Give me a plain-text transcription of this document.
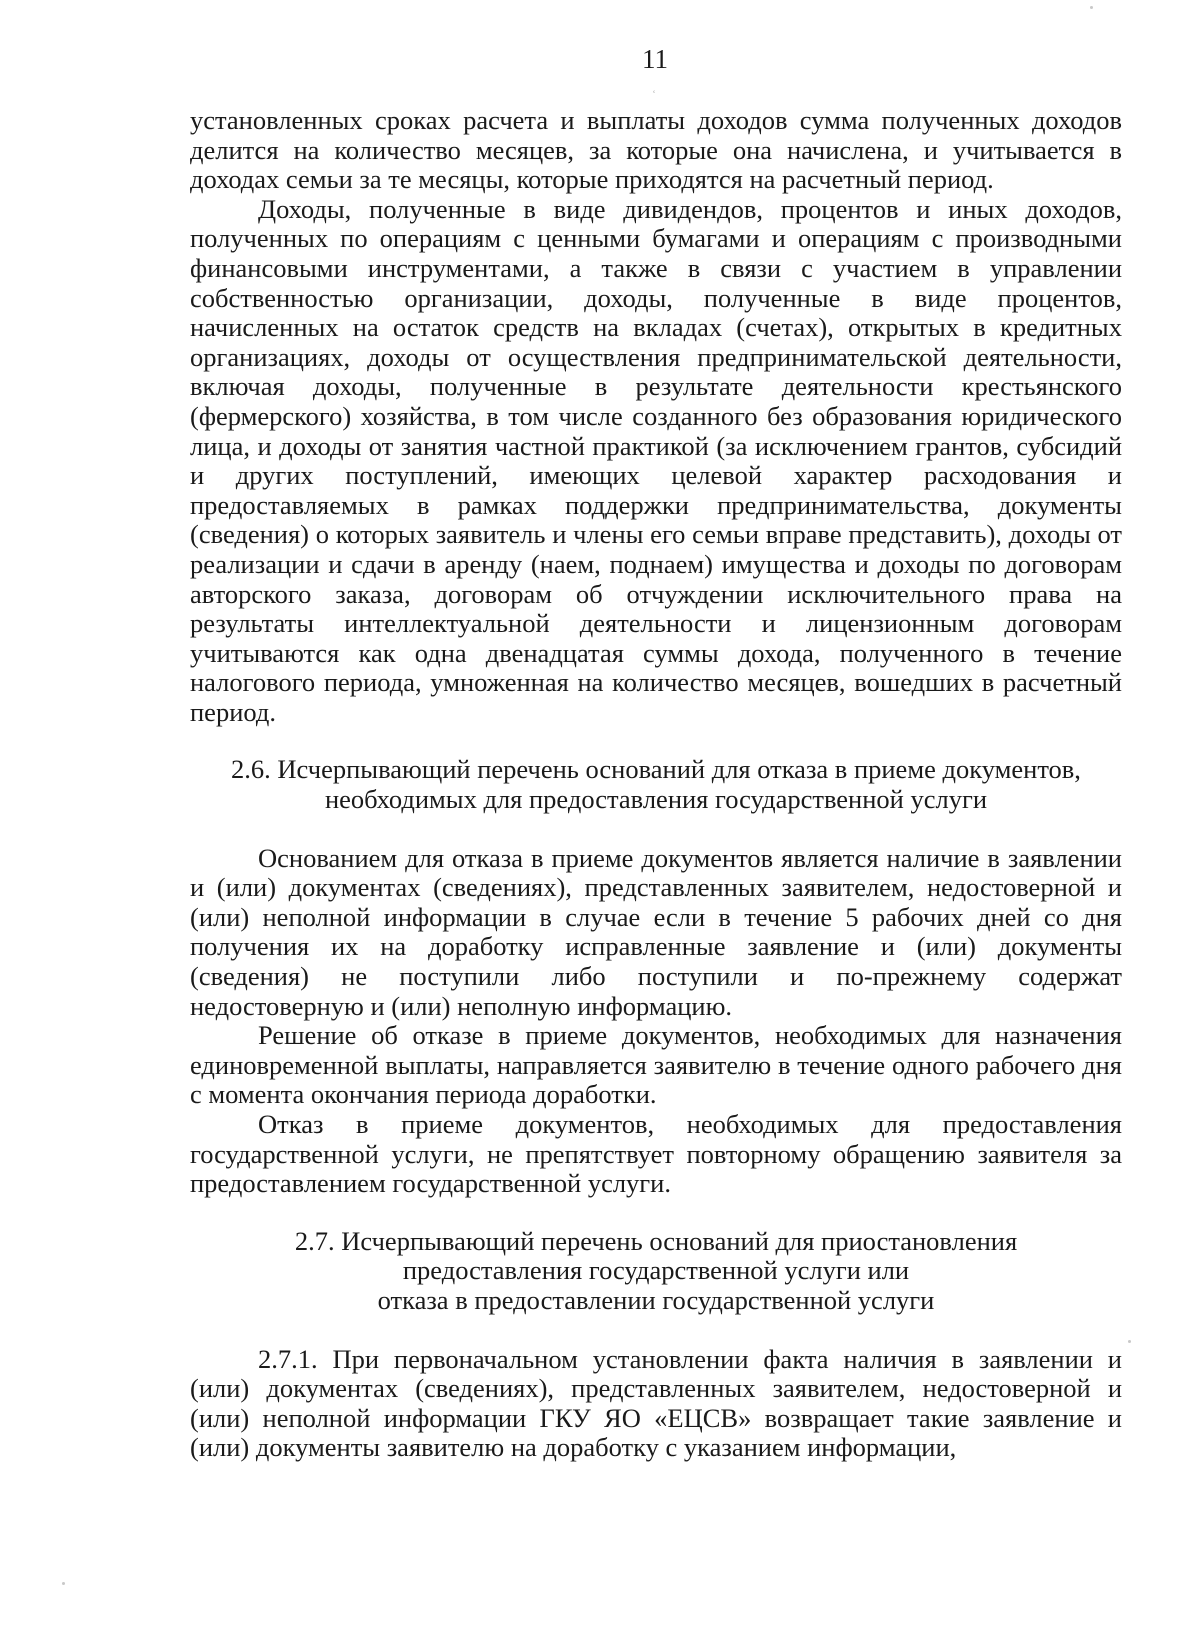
11
ʿ

установленных сроках расчета и выплаты доходов сумма полученных доходов делится на количество месяцев, за которые она начислена, и учитывается в доходах семьи за те месяцы, которые приходятся на расчетный период.

Доходы, полученные в виде дивидендов, процентов и иных доходов, полученных по операциям с ценными бумагами и операциям с производными финансовыми инструментами, а также в связи с участием в управлении собственностью организации, доходы, полученные в виде процентов, начисленных на остаток средств на вкладах (счетах), открытых в кредитных организациях, доходы от осуществления предпринимательской деятельности, включая доходы, полученные в результате деятельности крестьянского (фермерского) хозяйства, в том числе созданного без образования юридического лица, и доходы от занятия частной практикой (за исключением грантов, субсидий и других поступлений, имеющих целевой характер расходования и предоставляемых в рамках поддержки предпринимательства, документы (сведения) о которых заявитель и члены его семьи вправе представить), доходы от реализации и сдачи в аренду (наем, поднаем) имущества и доходы по договорам авторского заказа, договорам об отчуждении исключительного права на результаты интеллектуальной деятельности и лицензионным договорам учитываются как одна двенадцатая суммы дохода, полученного в течение налогового периода, умноженная на количество месяцев, вошедших в расчетный период.

2.6. Исчерпывающий перечень оснований для отказа в приеме документов,

необходимых для предоставления государственной услуги

Основанием для отказа в приеме документов является наличие в заявлении и (или) документах (сведениях), представленных заявителем, недостоверной и (или) неполной информации в случае если в течение 5 рабочих дней со дня получения их на доработку исправленные заявление и (или) документы (сведения) не поступили либо поступили и по-прежнему содержат недостоверную и (или) неполную информацию.

Решение об отказе в приеме документов, необходимых для назначения единовременной выплаты, направляется заявителю в течение одного рабочего дня с момента окончания периода доработки.

Отказ в приеме документов, необходимых для предоставления государственной услуги, не препятствует повторному обращению заявителя за предоставлением государственной услуги.

2.7. Исчерпывающий перечень оснований для приостановления

предоставления государственной услуги или

отказа в предоставлении государственной услуги

2.7.1. При первоначальном установлении факта наличия в заявлении и (или) документах (сведениях), представленных заявителем, недостоверной и (или) неполной информации ГКУ ЯО «ЕЦСВ» возвращает такие заявление и (или) документы заявителю на доработку с указанием информации,
